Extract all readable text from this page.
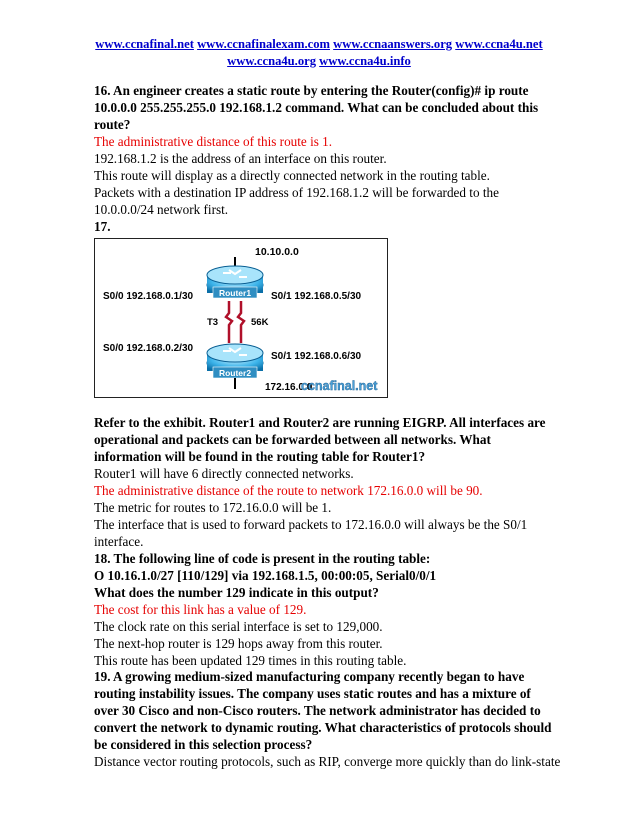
www.ccnafinal.net www.ccnafinalexam.com www.ccnaanswers.org www.ccna4u.net
www.ccna4u.org www.ccna4u.info
16. An engineer creates a static route by entering the Router(config)# ip route 10.0.0.0 255.255.255.0 192.168.1.2 command. What can be concluded about this route?
The administrative distance of this route is 1.
192.168.1.2 is the address of an interface on this router.
This route will display as a directly connected network in the routing table.
Packets with a destination IP address of 192.168.1.2 will be forwarded to the 10.0.0.0/24 network first.
17.
10.10.0.0
Router1
T3	56K
Router2
S0/0 192.168.0.1/30	S0/1 192.168.0.5/30
S0/0 192.168.0.2/30
S0/1 192.168.0.6/30
172.16.0.0
ccnafinal.net
Refer to the exhibit. Router1 and Router2 are running EIGRP. All interfaces are operational and packets can be forwarded between all networks. What information will be found in the routing table for Router1?
Router1 will have 6 directly connected networks.
The administrative distance of the route to network 172.16.0.0 will be 90.
The metric for routes to 172.16.0.0 will be 1.
The interface that is used to forward packets to 172.16.0.0 will always be the S0/1 interface.
18. The following line of code is present in the routing table:
O 10.16.1.0/27 [110/129] via 192.168.1.5, 00:00:05, Serial0/0/1
What does the number 129 indicate in this output?
The cost for this link has a value of 129.
The clock rate on this serial interface is set to 129,000.
The next-hop router is 129 hops away from this router.
This route has been updated 129 times in this routing table.
19. A growing medium-sized manufacturing company recently began to have routing instability issues. The company uses static routes and has a mixture of over 30 Cisco and non-Cisco routers. The network administrator has decided to convert the network to dynamic routing. What characteristics of protocols should be considered in this selection process?
Distance vector routing protocols, such as RIP, converge more quickly than do link-state
